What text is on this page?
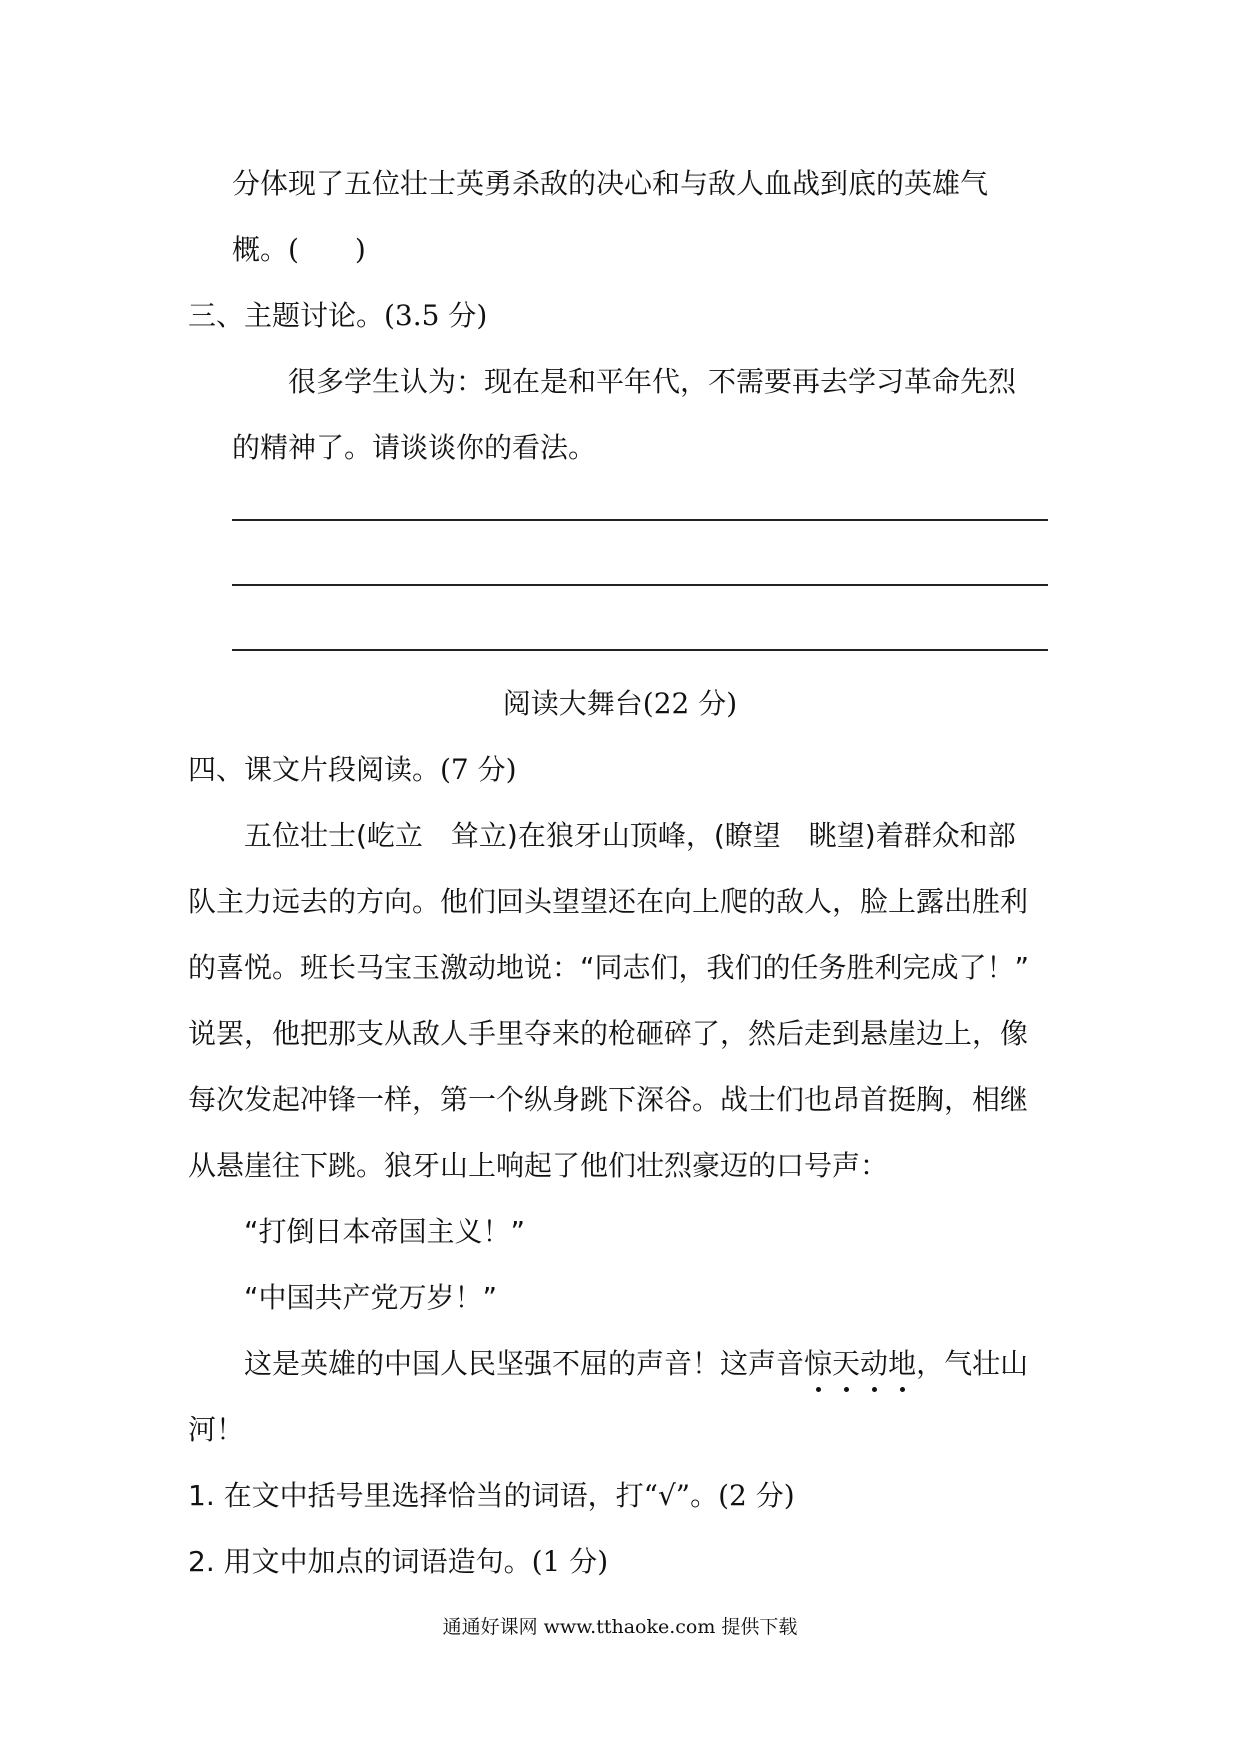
分体现了五位壮士英勇杀敌的决心和与敌人血战到底的英雄气
概。(　　)
三、主题讨论。(3.5 分)
很多学生认为：现在是和平年代，不需要再去学习革命先烈
的精神了。请谈谈你的看法。
阅读大舞台(22 分)
四、课文片段阅读。(7 分)
五位壮士(屹立　耸立)在狼牙山顶峰，(瞭望　眺望)着群众和部
队主力远去的方向。他们回头望望还在向上爬的敌人，脸上露出胜利
的喜悦。班长马宝玉激动地说：“同志们，我们的任务胜利完成了！”
说罢，他把那支从敌人手里夺来的枪砸碎了，然后走到悬崖边上，像
每次发起冲锋一样，第一个纵身跳下深谷。战士们也昂首挺胸，相继
从悬崖往下跳。狼牙山上响起了他们壮烈豪迈的口号声：
“打倒日本帝国主义！”
“中国共产党万岁！”
这是英雄的中国人民坚强不屈的声音！这声音惊天动地，气壮山
河！
1. 在文中括号里选择恰当的词语，打“√”。(2 分)
2. 用文中加点的词语造句。(1 分)
通通好课网 www.tthaoke.com 提供下载
